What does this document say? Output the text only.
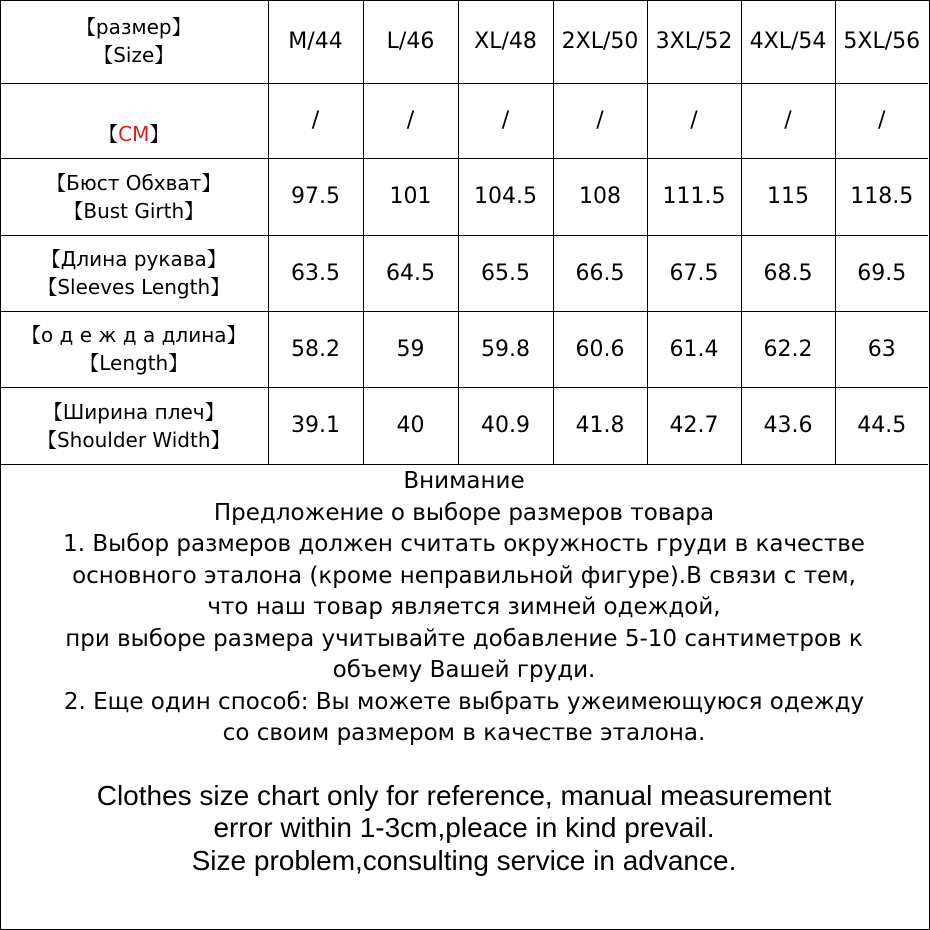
【размер】
【Size】	M/44	L/46	XL/48	2XL/50	3XL/52	4XL/54	5XL/56
【CM】	/	/	/	/	/	/	/

【Бюст Обхват】
【Bust Girth】	97.5	101	104.5	108	111.5	115	118.5

【Длина рукава】
【Sleeves Length】	63.5	64.5	65.5	66.5	67.5	68.5	69.5

【о д е ж д а длина】
【Length】	58.2	59	59.8	60.6	61.4	62.2	63

【Ширина плеч】
【Shoulder Width】	39.1	40	40.9	41.8	42.7	43.6	44.5

Внимание

Предложение о выборе размеров товара

1. Выбор размеров должен считать окружность груди в качестве

основного эталона (кроме неправильной фигуре).В связи с тем,

что наш товар является зимней одеждой,

при выборе размера учитывайте добавление 5-10 сантиметров к

объему Вашей груди.

2. Еще один способ: Вы можете выбрать ужеимеющуюся одежду

со своим размером в качестве эталона.

Clothes size chart only for reference, manual measurement

error within 1-3cm,pleace in kind prevail.

Size problem,consulting service in advance.
